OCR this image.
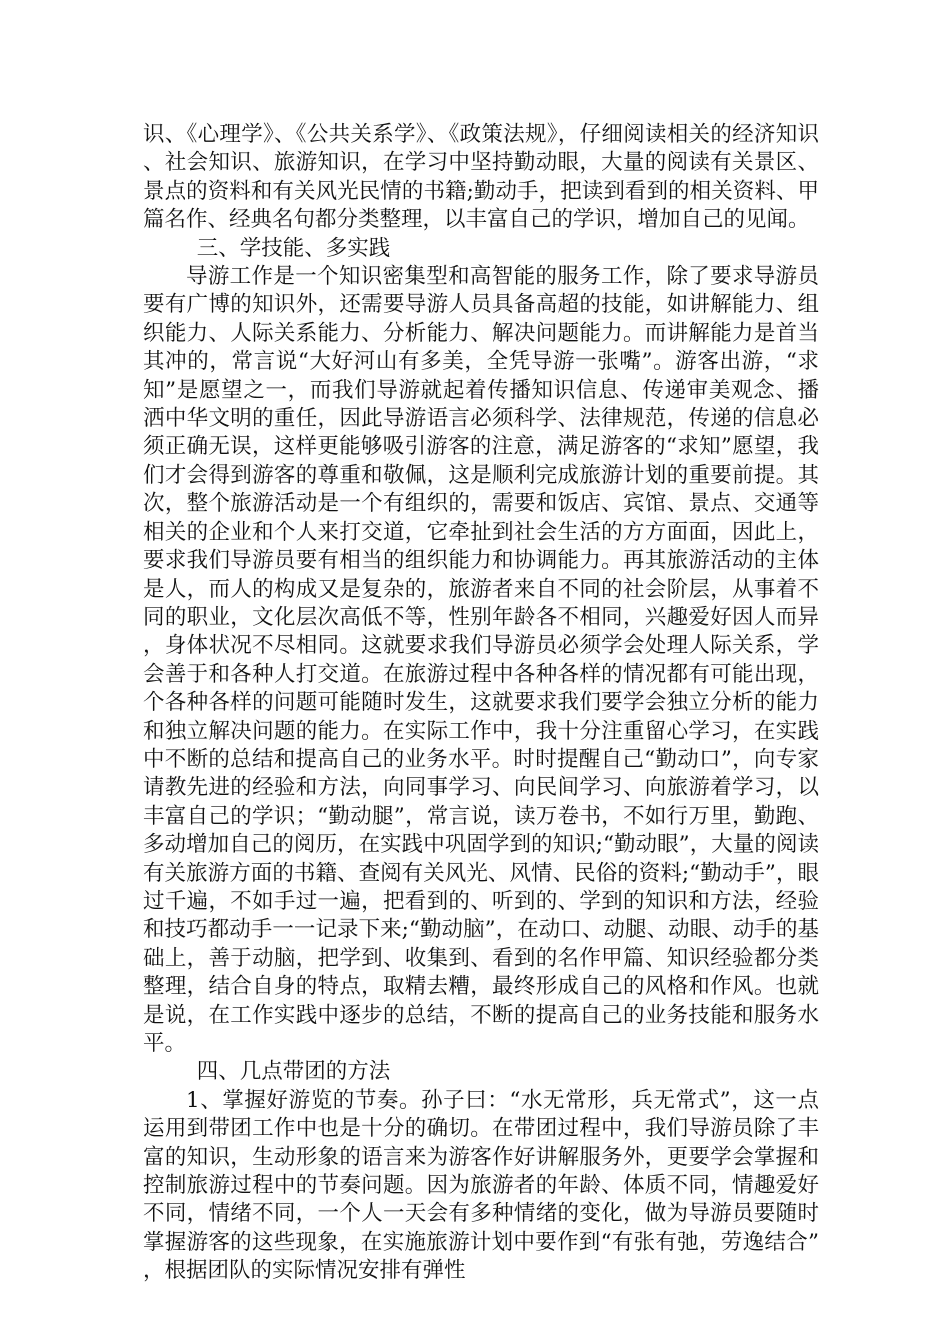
识、《心理学》、《公共关系学》、《政策法规》，仔细阅读相关的经济知识、社会知识、旅游知识，在学习中坚持勤动眼，大量的阅读有关景区、景点的资料和有关风光民情的书籍;勤动手，把读到看到的相关资料、甲篇名作、经典名句都分类整理，以丰富自己的学识，增加自己的见闻。

三、学技能、多实践

导游工作是一个知识密集型和高智能的服务工作，除了要求导游员要有广博的知识外，还需要导游人员具备高超的技能，如讲解能力、组织能力、人际关系能力、分析能力、解决问题能力。而讲解能力是首当其冲的，常言说“大好河山有多美，全凭导游一张嘴”。游客出游，“求知”是愿望之一，而我们导游就起着传播知识信息、传递审美观念、播洒中华文明的重任，因此导游语言必须科学、法律规范，传递的信息必须正确无误，这样更能够吸引游客的注意，满足游客的“求知”愿望，我们才会得到游客的尊重和敬佩，这是顺利完成旅游计划的重要前提。其次，整个旅游活动是一个有组织的，需要和饭店、宾馆、景点、交通等相关的企业和个人来打交道，它牵扯到社会生活的方方面面，因此上，要求我们导游员要有相当的组织能力和协调能力。再其旅游活动的主体是人，而人的构成又是复杂的，旅游者来自不同的社会阶层，从事着不同的职业，文化层次高低不等，性别年龄各不相同，兴趣爱好因人而异，身体状况不尽相同。这就要求我们导游员必须学会处理人际关系，学会善于和各种人打交道。在旅游过程中各种各样的情况都有可能出现，个各种各样的问题可能随时发生，这就要求我们要学会独立分析的能力和独立解决问题的能力。在实际工作中，我十分注重留心学习，在实践中不断的总结和提高自己的业务水平。时时提醒自己“勤动口”，向专家请教先进的经验和方法，向同事学习、向民间学习、向旅游着学习，以丰富自己的学识；“勤动腿”，常言说，读万卷书，不如行万里，勤跑、多动增加自己的阅历，在实践中巩固学到的知识;“勤动眼”，大量的阅读有关旅游方面的书籍、查阅有关风光、风情、民俗的资料;“勤动手”，眼过千遍，不如手过一遍，把看到的、听到的、学到的知识和方法，经验和技巧都动手一一记录下来;“勤动脑”，在动口、动腿、动眼、动手的基础上，善于动脑，把学到、收集到、看到的名作甲篇、知识经验都分类整理，结合自身的特点，取精去糟，最终形成自己的风格和作风。也就是说，在工作实践中逐步的总结，不断的提高自己的业务技能和服务水平。

四、几点带团的方法

1、掌握好游览的节奏。孙子曰：“水无常形，兵无常式”，这一点运用到带团工作中也是十分的确切。在带团过程中，我们导游员除了丰富的知识，生动形象的语言来为游客作好讲解服务外，更要学会掌握和控制旅游过程中的节奏问题。因为旅游者的年龄、体质不同，情趣爱好不同，情绪不同，一个人一天会有多种情绪的变化，做为导游员要随时掌握游客的这些现象，在实施旅游计划中要作到“有张有弛，劳逸结合”，根据团队的实际情况安排有弹性
